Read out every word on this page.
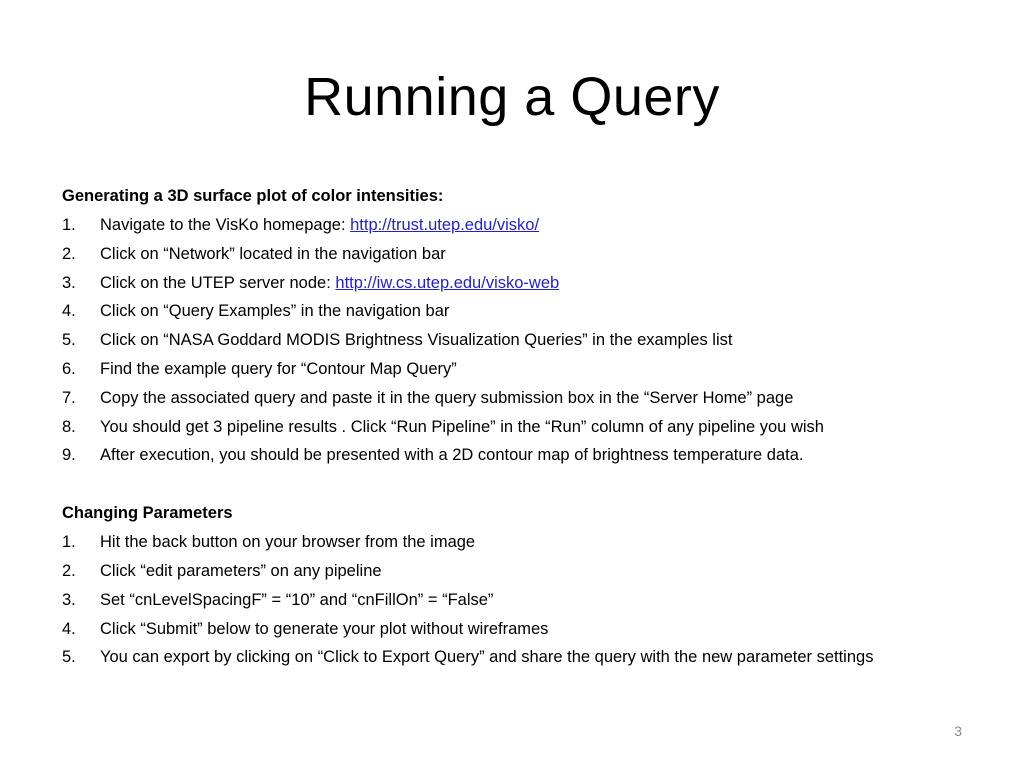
Running a Query
Generating a 3D surface plot of color intensities:
1. Navigate to the VisKo homepage: http://trust.utep.edu/visko/
2. Click on “Network” located in the navigation bar
3. Click on the UTEP server node: http://iw.cs.utep.edu/visko-web
4. Click on “Query Examples” in the navigation bar
5. Click on “NASA Goddard MODIS Brightness Visualization Queries” in the examples list
6. Find the example query for “Contour Map Query”
7. Copy the associated query and paste it in the query submission box in the “Server Home” page
8. You should get 3 pipeline results . Click “Run Pipeline” in the “Run” column of any pipeline you wish
9. After execution, you should be presented with a 2D contour map of brightness temperature data.
Changing Parameters
1. Hit the back button on your browser from the image
2. Click “edit parameters” on any pipeline
3. Set “cnLevelSpacingF” = “10” and “cnFillOn” = “False”
4. Click “Submit” below to generate your plot without wireframes
5. You can export by clicking on “Click to Export Query” and share the query with the new parameter settings
3
